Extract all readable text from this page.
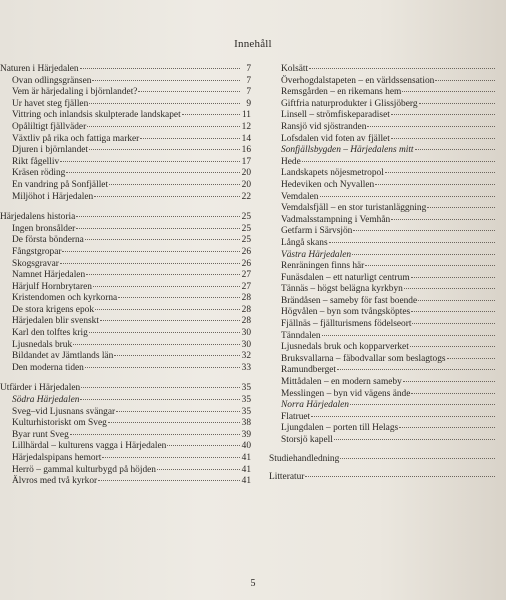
Innehåll
Naturen i Härjedalen	7
Ovan odlingsgränsen	7
Vem är härjedaling i björnlandet?	7
Ur havet steg fjällen	9
Vittring och inlandsis skulpterade landskapet	11
Opåliltigt fjällväder	12
Växtliv på rika och fattiga marker	14
Djuren i björnlandet	16
Rikt fågelliv	17
Kräsen röding	20
En vandring på Sonfjället	20
Miljöhot i Härjedalen	22
Härjedalens historia	25
Ingen bronsålder	25
De första bönderna	25
Fångstgropar	26
Skogsgravar	26
Namnet Härjedalen	27
Härjulf Hornbrytaren	27
Kristendomen och kyrkorna	28
De stora krigens epok	28
Härjedalen blir svenskt	28
Karl den tolftes krig	30
Ljusnedals bruk	30
Bildandet av Jämtlands län	32
Den moderna tiden	33
Utfärder i Härjedalen	35
Södra Härjedalen	35
Sveg–vid Ljusnans svängar	35
Kulturhistoriskt om Sveg	38
Byar runt Sveg	39
Lillhärdal – kulturens vagga i Härjedalen	40
Härjedalspipans hemort	41
Herrö – gammal kulturbygd på höjden	41
Älvros med två kyrkor	41
Kolsätt
Överhogdalstapeten – en världssensation
Remsgården – en rikemans hem
Giftfria naturprodukter i Glissjöberg
Linsell – strömfiskeparadiset
Ransjö vid sjöstranden
Lofsdalen vid foten av fjället
Sonfjällsbygden – Härjedalens mitt
Hede
Landskapets nöjesmetropol
Hedeviken och Nyvallen
Vemdalen
Vemdalsfjäll – en stor turistanläggning
Vadmalsstampning i Vemhån
Getfarm i Särvsjön
Långå skans
Västra Härjedalen
Renräningen finns här
Funäsdalen – ett naturligt centrum
Tännäs – högst belägna kyrkbyn
Brändåsen – sameby för fast boende
Högvålen – byn som tvångsköptes
Fjällnäs – fjällturismens födelseort
Tänndalen
Ljusnedals bruk och kopparverket
Bruksvallarna – fäbodvallar som beslagtogs
Ramundberget
Mittådalen – en modern sameby
Messlingen – byn vid vägens ände
Norra Härjedalen
Flatruet
Ljungdalen – porten till Helags
Storsjö kapell
Studiehandledning
Litteratur
5
